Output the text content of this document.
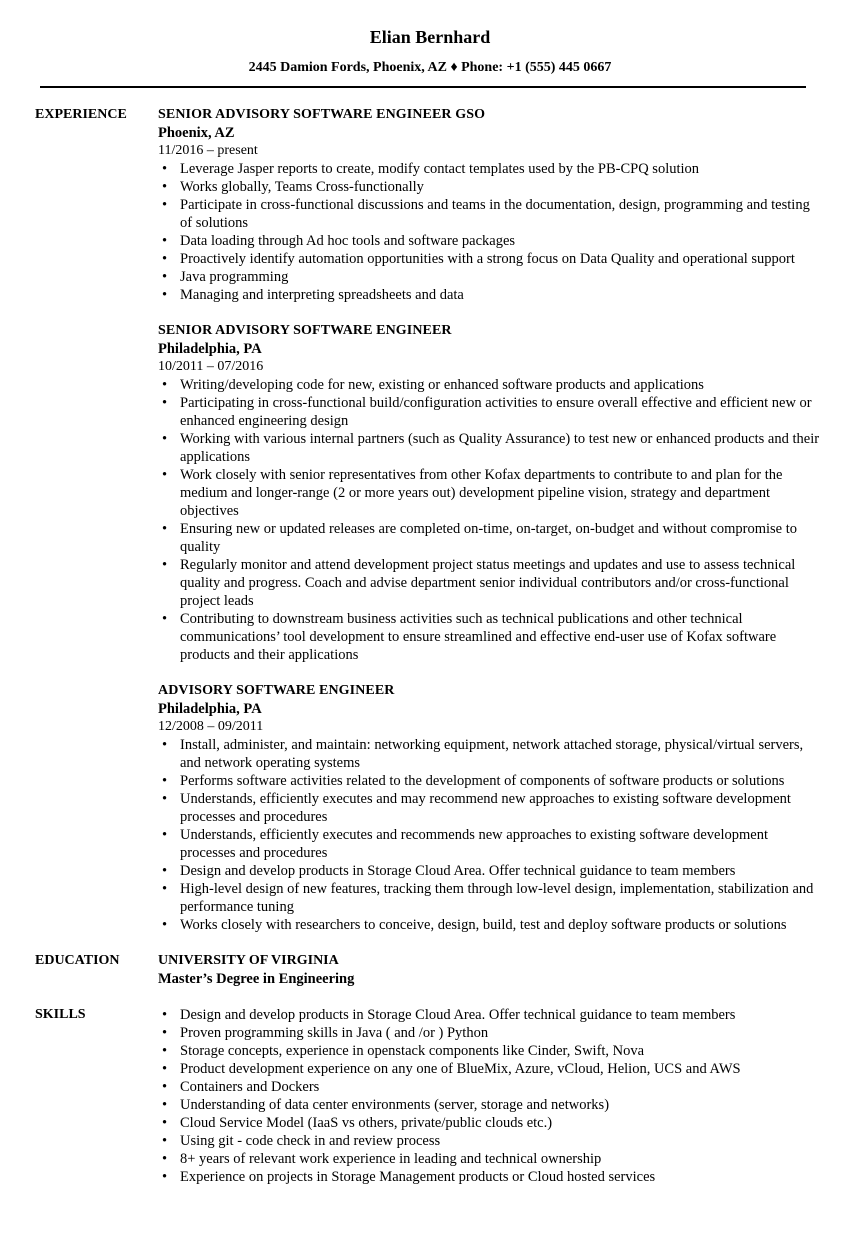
Elian Bernhard
2445 Damion Fords, Phoenix, AZ ♦ Phone: +1 (555) 445 0667
EXPERIENCE	SENIOR ADVISORY SOFTWARE ENGINEER GSO
Phoenix, AZ
11/2016 – present
• Leverage Jasper reports to create, modify contact templates used by the PB-CPQ solution
• Works globally, Teams Cross-functionally
• Participate in cross-functional discussions and teams in the documentation, design, programming and testing of solutions
• Data loading through Ad hoc tools and software packages
• Proactively identify automation opportunities with a strong focus on Data Quality and operational support
• Java programming
• Managing and interpreting spreadsheets and data
SENIOR ADVISORY SOFTWARE ENGINEER
Philadelphia, PA
10/2011 – 07/2016
• Writing/developing code for new, existing or enhanced software products and applications
• Participating in cross-functional build/configuration activities to ensure overall effective and efficient new or enhanced engineering design
• Working with various internal partners (such as Quality Assurance) to test new or enhanced products and their applications
• Work closely with senior representatives from other Kofax departments to contribute to and plan for the medium and longer-range (2 or more years out) development pipeline vision, strategy and department objectives
• Ensuring new or updated releases are completed on-time, on-target, on-budget and without compromise to quality
• Regularly monitor and attend development project status meetings and updates and use to assess technical quality and progress. Coach and advise department senior individual contributors and/or cross-functional project leads
• Contributing to downstream business activities such as technical publications and other technical communications’ tool development to ensure streamlined and effective end-user use of Kofax software products and their applications
ADVISORY SOFTWARE ENGINEER
Philadelphia, PA
12/2008 – 09/2011
• Install, administer, and maintain: networking equipment, network attached storage, physical/virtual servers, and network operating systems
• Performs software activities related to the development of components of software products or solutions
• Understands, efficiently executes and may recommend new approaches to existing software development processes and procedures
• Understands, efficiently executes and recommends new approaches to existing software development processes and procedures
• Design and develop products in Storage Cloud Area. Offer technical guidance to team members
• High-level design of new features, tracking them through low-level design, implementation, stabilization and performance tuning
• Works closely with researchers to conceive, design, build, test and deploy software products or solutions
EDUCATION	UNIVERSITY OF VIRGINIA
Master’s Degree in Engineering
SKILLS
•	Design and develop products in Storage Cloud Area. Offer technical guidance to team members
• Proven programming skills in Java ( and /or ) Python
• Storage concepts, experience in openstack components like Cinder, Swift, Nova
• Product development experience on any one of BlueMix, Azure, vCloud, Helion, UCS and AWS
• Containers and Dockers
• Understanding of data center environments (server, storage and networks)
• Cloud Service Model (IaaS vs others, private/public clouds etc.)
• Using git - code check in and review process
• 8+ years of relevant work experience in leading and technical ownership
• Experience on projects in Storage Management products or Cloud hosted services
